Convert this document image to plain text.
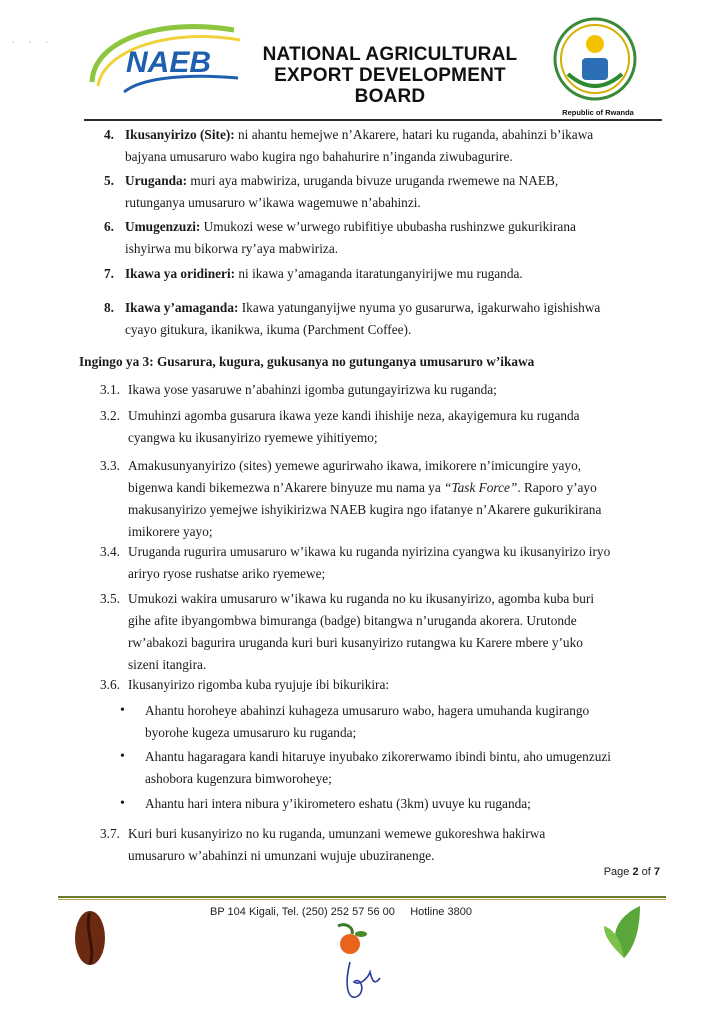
· · ·
NAEB	NATIONAL AGRICULTURAL
EXPORT DEVELOPMENT
BOARD
Republic of Rwanda
4. Ikusanyirizo (Site): ni ahantu hemejwe n’Akarere, hatari ku ruganda, abahinzi b’ikawa
bajyana umusaruro wabo kugira ngo bahahurire n’inganda ziwubagurire.
5. Uruganda: muri aya mabwiriza, uruganda bivuze uruganda rwemewe na NAEB,
rutunganya umusaruro w’ikawa wagemuwe n’abahinzi.
6. Umugenzuzi: Umukozi wese w’urwego rubifitiye ububasha rushinzwe gukurikirana
ishyirwa mu bikorwa ry’aya mabwiriza.
7. Ikawa ya oridineri: ni ikawa y’amaganda itaratunganyirijwe mu ruganda.
8. Ikawa y’amaganda: Ikawa yatunganyijwe nyuma yo gusarurwa, igakurwaho igishishwa
cyayo gitukura, ikanikwa, ikuma (Parchment Coffee).
Ingingo ya 3: Gusarura, kugura, gukusanya no gutunganya umusaruro w’ikawa
3.1. Ikawa yose yasaruwe n’abahinzi igomba gutungayirizwa ku ruganda;
3.2. Umuhinzi agomba gusarura ikawa yeze kandi ihishije neza, akayigemura ku ruganda
cyangwa ku ikusanyirizo ryemewe yihitiyemo;
3.3. Amakusunyanyirizo (sites) yemewe agurirwaho ikawa, imikorere n’imicungire yayo,
bigenwa kandi bikemezwa n’Akarere binyuze mu nama ya “Task Force”. Raporo y’ayo
makusanyirizo yemejwe ishyikirizwa NAEB kugira ngo ifatanye n’Akarere gukurikirana
imikorere yayo;
3.4. Uruganda rugurira umusaruro w’ikawa ku ruganda nyirizina cyangwa ku ikusanyirizo iryo
ariryo ryose rushatse ariko ryemewe;
3.5. Umukozi wakira umusaruro w’ikawa ku ruganda no ku ikusanyirizo, agomba kuba buri
gihe afite ibyangombwa bimuranga (badge) bitangwa n’uruganda akorera. Urutonde
rw’abakozi bagurira uruganda kuri buri kusanyirizo rutangwa ku Karere mbere y’uko
sizeni itangira.
3.6. Ikusanyirizo rigomba kuba ryujuje ibi bikurikira:
• Ahantu horoheye abahinzi kuhageza umusaruro wabo, hagera umuhanda kugirango
byorohe kugeza umusaruro ku ruganda;
• Ahantu hagaragara kandi hitaruye inyubako zikorerwamo ibindi bintu, aho umugenzuzi
ashobora kugenzura bimworoheye;
• Ahantu hari intera nibura y’ikirometero eshatu (3km) uvuye ku ruganda;
3.7. Kuri buri kusanyirizo no ku ruganda, umunzani wemewe gukoreshwa hakirwa
umusaruro w’abahinzi ni umunzani wujuje ubuziranenge.
Page 2 of 7
BP 104 Kigali, Tel. (250) 252 57 56 00 Hotline 3800
